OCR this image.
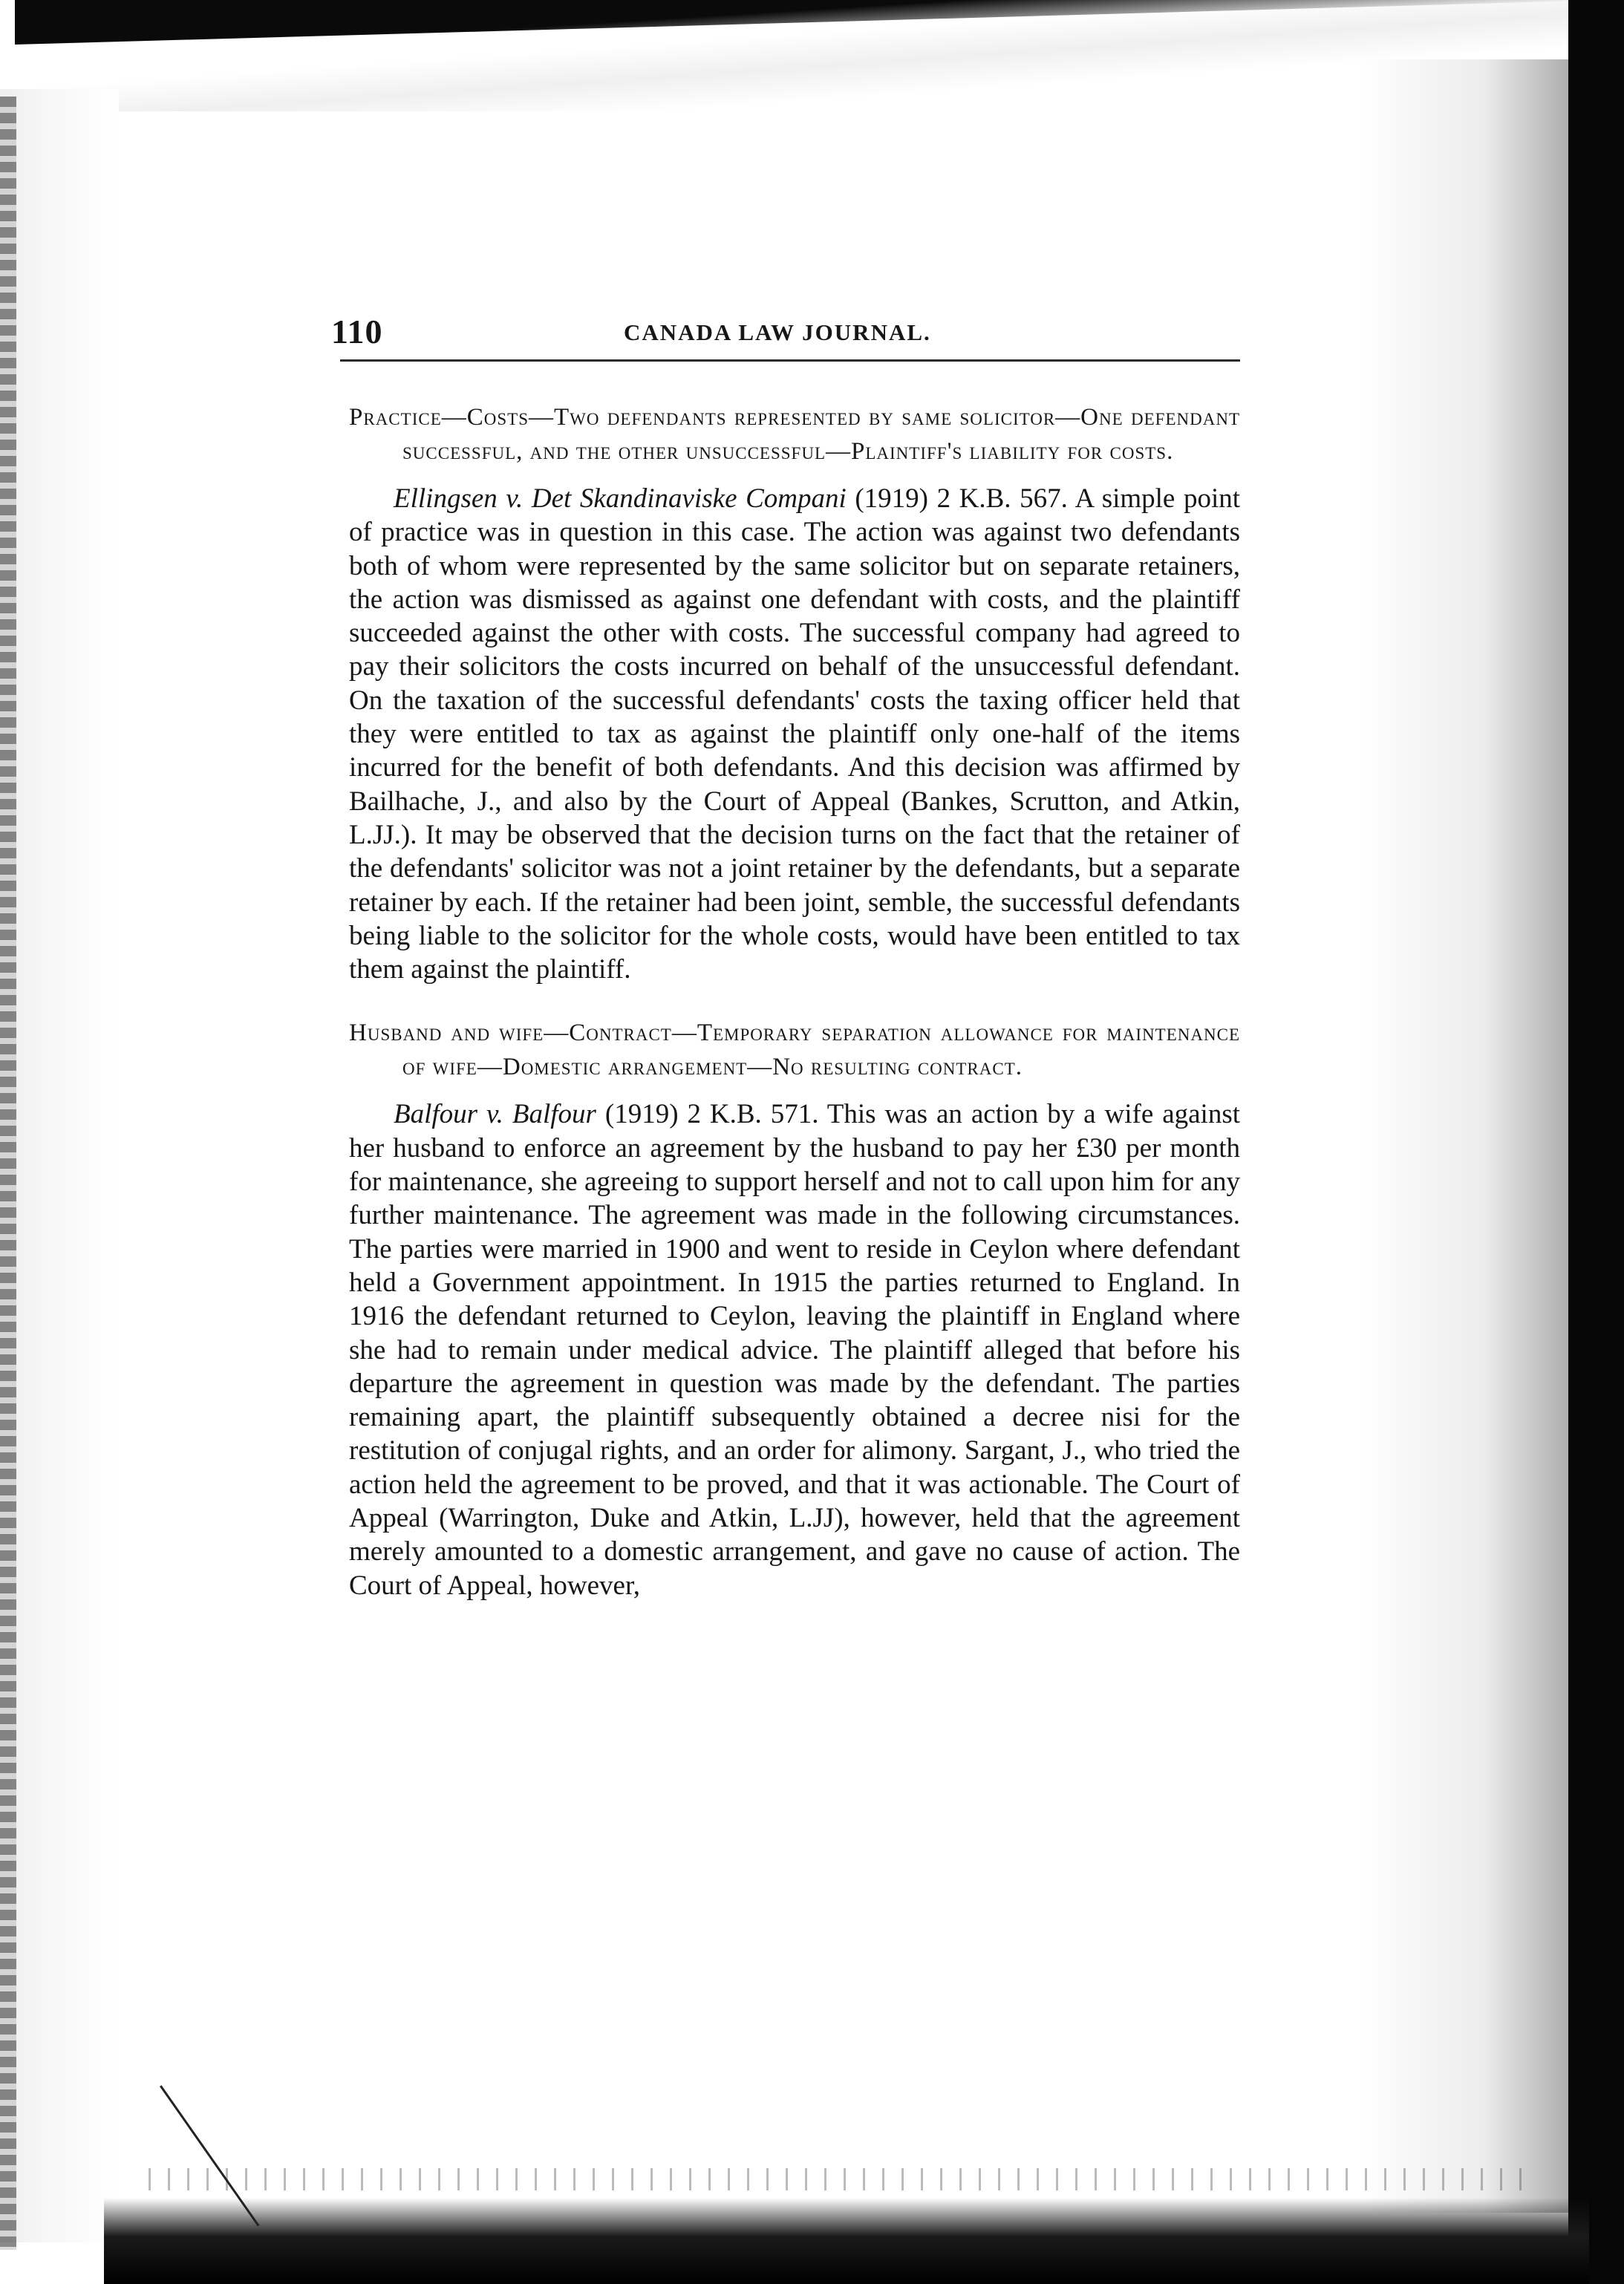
110	CANADA LAW JOURNAL.
Practice—Costs—Two defendants represented by same solicitor—One defendant successful, and the other unsuccessful—Plaintiff's liability for costs.

Ellingsen v. Det Skandinaviske Compani (1919) 2 K.B. 567. A simple point of practice was in question in this case. The action was against two defendants both of whom were represented by the same solicitor but on separate retainers, the action was dismissed as against one defendant with costs, and the plaintiff succeeded against the other with costs. The successful company had agreed to pay their solicitors the costs incurred on behalf of the unsuccessful defendant. On the taxation of the successful defendants' costs the taxing officer held that they were entitled to tax as against the plaintiff only one-half of the items incurred for the benefit of both defendants. And this decision was affirmed by Bailhache, J., and also by the Court of Appeal (Bankes, Scrutton, and Atkin, L.JJ.). It may be observed that the decision turns on the fact that the retainer of the defendants' solicitor was not a joint retainer by the defendants, but a separate retainer by each. If the retainer had been joint, semble, the successful defendants being liable to the solicitor for the whole costs, would have been entitled to tax them against the plaintiff.

Husband and wife—Contract—Temporary separation allowance for maintenance of wife—Domestic arrangement—No resulting contract.

Balfour v. Balfour (1919) 2 K.B. 571. This was an action by a wife against her husband to enforce an agreement by the husband to pay her £30 per month for maintenance, she agreeing to support herself and not to call upon him for any further maintenance. The agreement was made in the following circumstances. The parties were married in 1900 and went to reside in Ceylon where defendant held a Government appointment. In 1915 the parties returned to England. In 1916 the defendant returned to Ceylon, leaving the plaintiff in England where she had to remain under medical advice. The plaintiff alleged that before his departure the agreement in question was made by the defendant. The parties remaining apart, the plaintiff subsequently obtained a decree nisi for the restitution of conjugal rights, and an order for alimony. Sargant, J., who tried the action held the agreement to be proved, and that it was actionable. The Court of Appeal (Warrington, Duke and Atkin, L.JJ), however, held that the agreement merely amounted to a domestic arrangement, and gave no cause of action. The Court of Appeal, however,
